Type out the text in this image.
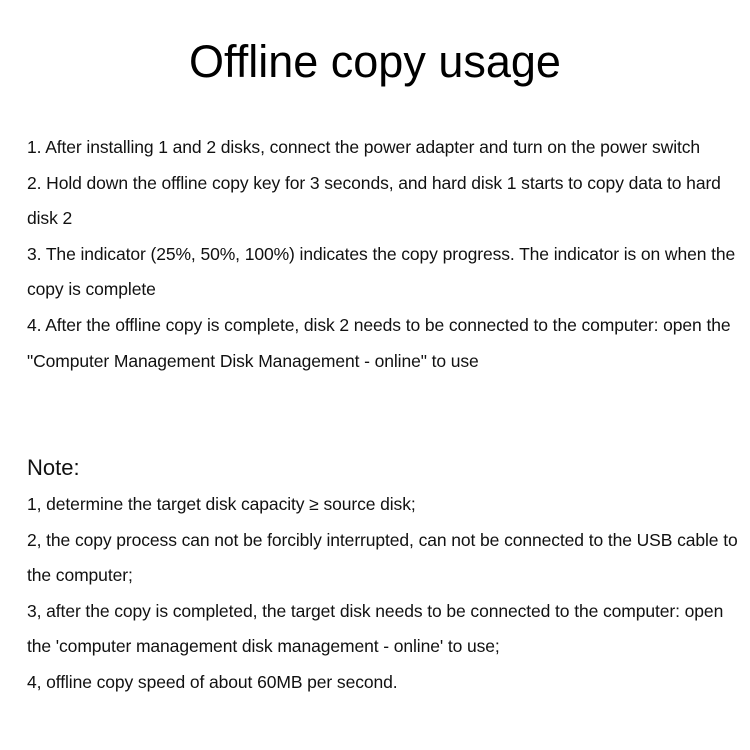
Offline copy usage
1. After installing 1 and 2 disks, connect the power adapter and turn on the power switch
2. Hold down the offline copy key for 3 seconds, and hard disk 1 starts to copy data to hard disk 2
3. The indicator (25%, 50%, 100%) indicates the copy progress. The indicator is on when the copy is complete
4. After the offline copy is complete, disk 2 needs to be connected to the computer: open the "Computer Management Disk Management - online" to use
Note:
1, determine the target disk capacity ≥ source disk;
2, the copy process can not be forcibly interrupted, can not be connected to the USB cable to the computer;
3, after the copy is completed, the target disk needs to be connected to the computer: open the 'computer management disk management - online' to use;
4, offline copy speed of about 60MB per second.
